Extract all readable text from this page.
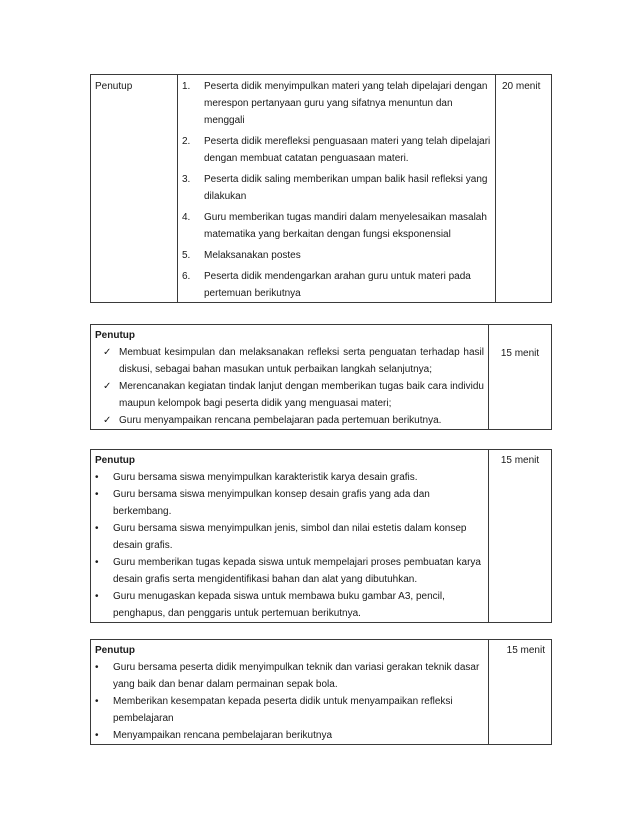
Penutup	1.	Peserta didik menyimpulkan materi yang telah dipelajari dengan merespon pertanyaan guru yang sifatnya menuntun dan menggali
2.	Peserta didik merefleksi penguasaan materi yang telah dipelajari dengan membuat catatan penguasaan materi.
3.	Peserta didik saling memberikan umpan balik hasil refleksi yang dilakukan
4.	Guru memberikan tugas mandiri dalam menyelesaikan masalah matematika yang berkaitan dengan fungsi eksponensial
5.	Melaksanakan postes
6.	Peserta didik mendengarkan arahan guru untuk materi pada pertemuan berikutnya
	20 menit
Penutup
✓ Membuat kesimpulan dan melaksanakan refleksi serta penguatan terhadap hasil diskusi, sebagai bahan masukan untuk perbaikan langkah selanjutnya;
✓ Merencanakan kegiatan tindak lanjut dengan memberikan tugas baik cara individu maupun kelompok bagi peserta didik yang menguasai materi;
✓ Guru menyampaikan rencana pembelajaran pada pertemuan berikutnya.
	15 menit
Penutup
•	Guru bersama siswa menyimpulkan karakteristik karya desain grafis.
•	Guru bersama siswa menyimpulkan konsep desain grafis yang ada dan berkembang.
•	Guru bersama siswa menyimpulkan jenis, simbol dan nilai estetis dalam konsep desain grafis.
•	Guru memberikan tugas kepada siswa untuk mempelajari proses pembuatan karya desain grafis serta mengidentifikasi bahan dan alat yang dibutuhkan.
•	Guru menugaskan kepada siswa untuk membawa buku gambar A3, pencil, penghapus, dan penggaris untuk pertemuan berikutnya.
	15 menit
Penutup
•	Guru bersama peserta didik menyimpulkan teknik dan variasi gerakan teknik dasar yang baik dan benar dalam permainan sepak bola.
•	Memberikan kesempatan kepada peserta didik untuk menyampaikan refleksi pembelajaran
•	Menyampaikan rencana pembelajaran berikutnya
	15 menit
